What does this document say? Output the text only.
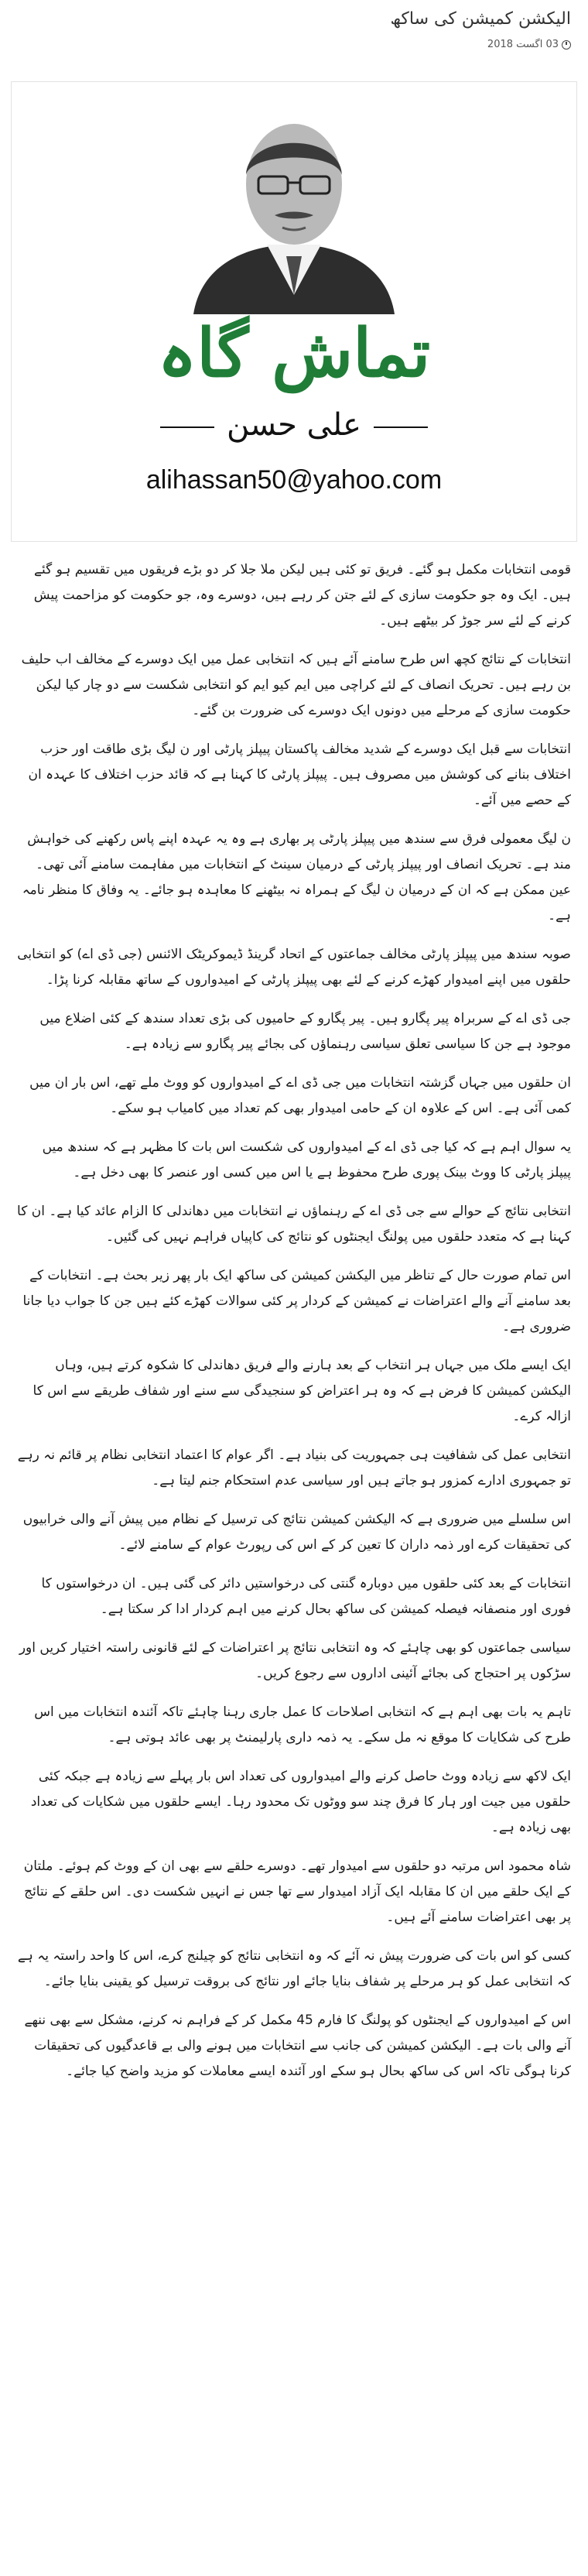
الیکشن کمیشن کی ساکھ
03 اگست 2018
تماش گاہ
علی حسن
alihassan50@yahoo.com

قومی انتخابات مکمل ہو گئے۔ فریق تو کئی ہیں لیکن ملا جلا کر دو بڑے فریقوں میں تقسیم ہو گئے ہیں۔ ایک وہ جو حکومت سازی کے لئے جتن کر رہے ہیں، دوسرے وہ، جو حکومت کو مزاحمت پیش کرنے کے لئے سر جوڑ کر بیٹھے ہیں۔

انتخابات کے نتائج کچھ اس طرح سامنے آئے ہیں کہ انتخابی عمل میں ایک دوسرے کے مخالف اب حلیف بن رہے ہیں۔ تحریک انصاف کے لئے کراچی میں ایم کیو ایم کو انتخابی شکست سے دو چار کیا لیکن حکومت سازی کے مرحلے میں دونوں ایک دوسرے کی ضرورت بن گئے۔

انتخابات سے قبل ایک دوسرے کے شدید مخالف پاکستان پیپلز پارٹی اور ن لیگ بڑی طاقت اور حزب اختلاف بنانے کی کوشش میں مصروف ہیں۔ پیپلز پارٹی کا کہنا ہے کہ قائد حزب اختلاف کا عہدہ ان کے حصے میں آئے۔

ن لیگ معمولی فرق سے سندھ میں پیپلز پارٹی پر بھاری ہے وہ یہ عہدہ اپنے پاس رکھنے کی خواہش مند ہے۔ تحریک انصاف اور پیپلز پارٹی کے درمیان سینٹ کے انتخابات میں مفاہمت سامنے آئی تھی۔ عین ممکن ہے کہ ان کے درمیان ن لیگ کے ہمراہ نہ بیٹھنے کا معاہدہ ہو جائے۔ یہ وفاق کا منظر نامہ ہے۔

صوبہ سندھ میں پیپلز پارٹی مخالف جماعتوں کے اتحاد گرینڈ ڈیموکریٹک الائنس (جی ڈی اے) کو انتخابی حلقوں میں اپنے امیدوار کھڑے کرنے کے لئے بھی پیپلز پارٹی کے امیدواروں کے ساتھ مقابلہ کرنا پڑا۔

جی ڈی اے کے سربراہ پیر پگارو ہیں۔ پیر پگارو کے حامیوں کی بڑی تعداد سندھ کے کئی اضلاع میں موجود ہے جن کا سیاسی تعلق سیاسی رہنماؤں کی بجائے پیر پگارو سے زیادہ ہے۔

ان حلقوں میں جہاں گزشتہ انتخابات میں جی ڈی اے کے امیدواروں کو ووٹ ملے تھے، اس بار ان میں کمی آئی ہے۔ اس کے علاوہ ان کے حامی امیدوار بھی کم تعداد میں کامیاب ہو سکے۔

یہ سوال اہم ہے کہ کیا جی ڈی اے کے امیدواروں کی شکست اس بات کا مظہر ہے کہ سندھ میں پیپلز پارٹی کا ووٹ بینک پوری طرح محفوظ ہے یا اس میں کسی اور عنصر کا بھی دخل ہے۔

انتخابی نتائج کے حوالے سے جی ڈی اے کے رہنماؤں نے انتخابات میں دھاندلی کا الزام عائد کیا ہے۔ ان کا کہنا ہے کہ متعدد حلقوں میں پولنگ ایجنٹوں کو نتائج کی کاپیاں فراہم نہیں کی گئیں۔

اس تمام صورت حال کے تناظر میں الیکشن کمیشن کی ساکھ ایک بار پھر زیر بحث ہے۔ انتخابات کے بعد سامنے آنے والے اعتراضات نے کمیشن کے کردار پر کئی سوالات کھڑے کئے ہیں جن کا جواب دیا جانا ضروری ہے۔

ایک ایسے ملک میں جہاں ہر انتخاب کے بعد ہارنے والے فریق دھاندلی کا شکوہ کرتے ہیں، وہاں الیکشن کمیشن کا فرض ہے کہ وہ ہر اعتراض کو سنجیدگی سے سنے اور شفاف طریقے سے اس کا ازالہ کرے۔

انتخابی عمل کی شفافیت ہی جمہوریت کی بنیاد ہے۔ اگر عوام کا اعتماد انتخابی نظام پر قائم نہ رہے تو جمہوری ادارے کمزور ہو جاتے ہیں اور سیاسی عدم استحکام جنم لیتا ہے۔

اس سلسلے میں ضروری ہے کہ الیکشن کمیشن نتائج کی ترسیل کے نظام میں پیش آنے والی خرابیوں کی تحقیقات کرے اور ذمہ داران کا تعین کر کے اس کی رپورٹ عوام کے سامنے لائے۔

انتخابات کے بعد کئی حلقوں میں دوبارہ گنتی کی درخواستیں دائر کی گئی ہیں۔ ان درخواستوں کا فوری اور منصفانہ فیصلہ کمیشن کی ساکھ بحال کرنے میں اہم کردار ادا کر سکتا ہے۔

سیاسی جماعتوں کو بھی چاہئے کہ وہ انتخابی نتائج پر اعتراضات کے لئے قانونی راستہ اختیار کریں اور سڑکوں پر احتجاج کی بجائے آئینی اداروں سے رجوع کریں۔

تاہم یہ بات بھی اہم ہے کہ انتخابی اصلاحات کا عمل جاری رہنا چاہئے تاکہ آئندہ انتخابات میں اس طرح کی شکایات کا موقع نہ مل سکے۔ یہ ذمہ داری پارلیمنٹ پر بھی عائد ہوتی ہے۔

ایک لاکھ سے زیادہ ووٹ حاصل کرنے والے امیدواروں کی تعداد اس بار پہلے سے زیادہ ہے جبکہ کئی حلقوں میں جیت اور ہار کا فرق چند سو ووٹوں تک محدود رہا۔ ایسے حلقوں میں شکایات کی تعداد بھی زیادہ ہے۔

شاہ محمود اس مرتبہ دو حلقوں سے امیدوار تھے۔ دوسرے حلقے سے بھی ان کے ووٹ کم ہوئے۔ ملتان کے ایک حلقے میں ان کا مقابلہ ایک آزاد امیدوار سے تھا جس نے انہیں شکست دی۔ اس حلقے کے نتائج پر بھی اعتراضات سامنے آئے ہیں۔

کسی کو اس بات کی ضرورت پیش نہ آئے کہ وہ انتخابی نتائج کو چیلنج کرے، اس کا واحد راستہ یہ ہے کہ انتخابی عمل کو ہر مرحلے پر شفاف بنایا جائے اور نتائج کی بروقت ترسیل کو یقینی بنایا جائے۔

اس کے امیدواروں کے ایجنٹوں کو پولنگ کا فارم 45 مکمل کر کے فراہم نہ کرنے، مشکل سے بھی ننھے آنے والی بات ہے۔ الیکشن کمیشن کی جانب سے انتخابات میں ہونے والی بے قاعدگیوں کی تحقیقات کرنا ہوگی تاکہ اس کی ساکھ بحال ہو سکے اور آئندہ ایسے معاملات کو مزید واضح کیا جائے۔
